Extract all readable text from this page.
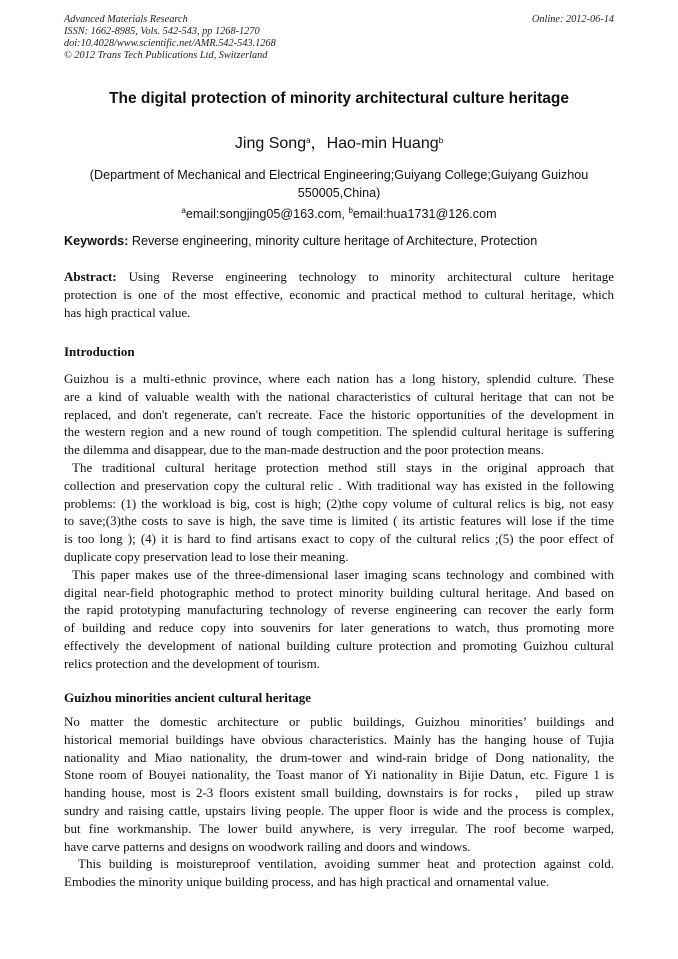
Advanced Materials Research
ISSN: 1662-8985, Vols. 542-543, pp 1268-1270
doi:10.4028/www.scientific.net/AMR.542-543.1268
© 2012 Trans Tech Publications Ltd, Switzerland
Online: 2012-06-14
The digital protection of minority architectural culture heritage
Jing Song$^a$，Hao-min Huang$^b$
(Department of Mechanical and Electrical Engineering;Guiyang College;Guiyang Guizhou
550005,China)
$^a$email:songjing05@163.com, $^b$email:hua1731@126.com
Keywords: Reverse engineering, minority culture heritage of Architecture, Protection
Abstract: Using Reverse engineering technology to minority architectural culture heritage
protection is one of the most effective, economic and practical method to cultural heritage, which
has high practical value.
Introduction
Guizhou is a multi-ethnic province, where each nation has a long history, splendid culture. These
are a kind of valuable wealth with the national characteristics of cultural heritage that can not be
replaced, and don't regenerate, can't recreate. Face the historic opportunities of the development in
the western region and a new round of tough competition. The splendid cultural heritage is suffering
the dilemma and disappear, due to the man-made destruction and the poor protection means.
The traditional cultural heritage protection method still stays in the original approach that
collection and preservation copy the cultural relic . With traditional way has existed in the following
problems: (1) the workload is big, cost is high; (2)the copy volume of cultural relics is big, not easy
to save;(3)the costs to save is high, the save time is limited ( its artistic features will lose if the time
is too long ); (4) it is hard to find artisans exact to copy of the cultural relics ;(5) the poor effect of
duplicate copy preservation lead to lose their meaning.
This paper makes use of the three-dimensional laser imaging scans technology and combined with
digital near-field photographic method to protect minority building cultural heritage. And based on
the rapid prototyping manufacturing technology of reverse engineering can recover the early form
of building and reduce copy into souvenirs for later generations to watch, thus promoting more
effectively the development of national building culture protection and promoting Guizhou cultural
relics protection and the development of tourism.
Guizhou minorities ancient cultural heritage
No matter the domestic architecture or public buildings, Guizhou minorities’ buildings and
historical memorial buildings have obvious characteristics. Mainly has the hanging house of Tujia
nationality and Miao nationality, the drum-tower and wind-rain bridge of Dong nationality, the
Stone room of Bouyei nationality, the Toast manor of Yi nationality in Bijie Datun, etc. Figure 1 is
handing house, most is 2-3 floors existent small building, downstairs is for rocks， piled up straw
sundry and raising cattle, upstairs living people. The upper floor is wide and the process is complex,
but fine workmanship. The lower build anywhere, is very irregular. The roof become warped,
have carve patterns and designs on woodwork railing and doors and windows.
This building is moistureproof ventilation, avoiding summer heat and protection against cold.
Embodies the minority unique building process, and has high practical and ornamental value.
